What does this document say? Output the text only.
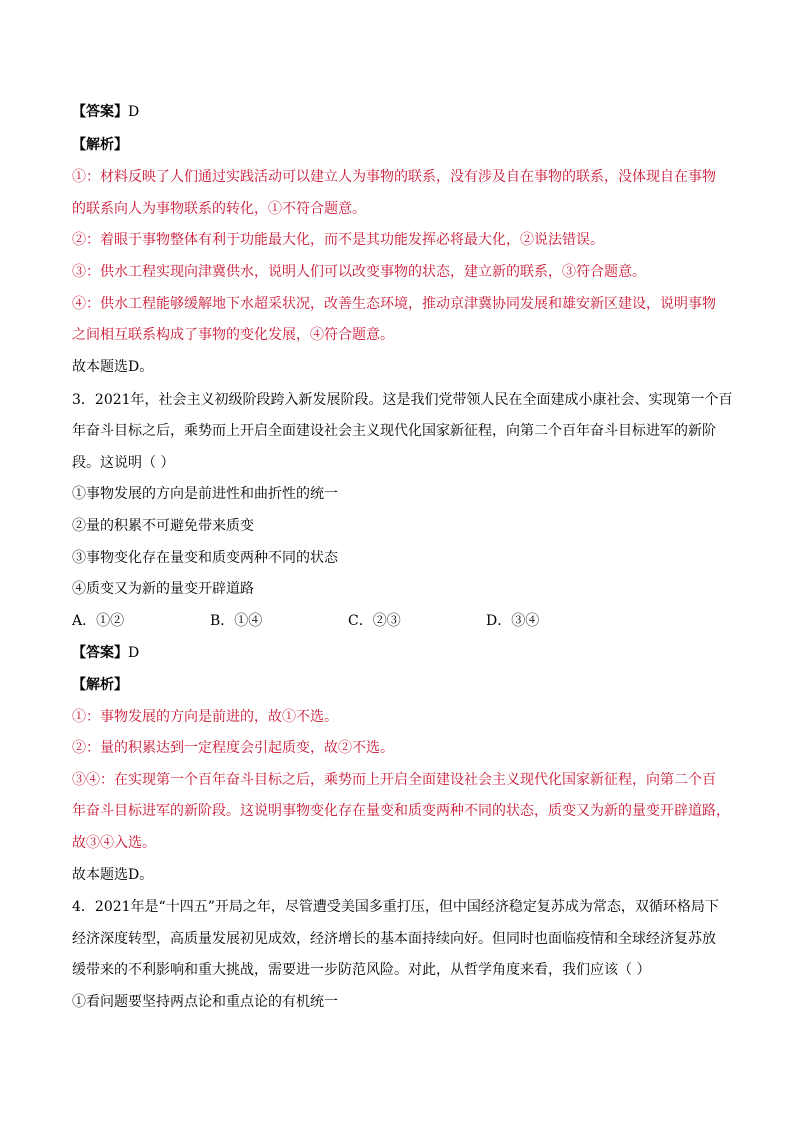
【答案】D
【解析】
①：材料反映了人们通过实践活动可以建立人为事物的联系，没有涉及自在事物的联系，没体现自在事物
的联系向人为事物联系的转化，①不符合题意。
②：着眼于事物整体有利于功能最大化，而不是其功能发挥必将最大化，②说法错误。
③：供水工程实现向津冀供水，说明人们可以改变事物的状态，建立新的联系，③符合题意。
④：供水工程能够缓解地下水超采状况，改善生态环境，推动京津冀协同发展和雄安新区建设，说明事物
之间相互联系构成了事物的变化发展，④符合题意。
故本题选D。
3．2021年，社会主义初级阶段跨入新发展阶段。这是我们党带领人民在全面建成小康社会、实现第一个百
年奋斗目标之后，乘势而上开启全面建设社会主义现代化国家新征程，向第二个百年奋斗目标进军的新阶
段。这说明（ ）
①事物发展的方向是前进性和曲折性的统一
②量的积累不可避免带来质变
③事物变化存在量变和质变两种不同的状态
④质变又为新的量变开辟道路
A．①②	B．①④	C．②③	D．③④
【答案】D
【解析】
①：事物发展的方向是前进的，故①不选。
②：量的积累达到一定程度会引起质变，故②不选。
③④：在实现第一个百年奋斗目标之后，乘势而上开启全面建设社会主义现代化国家新征程，向第二个百
年奋斗目标进军的新阶段。这说明事物变化存在量变和质变两种不同的状态，质变又为新的量变开辟道路，
故③④入选。
故本题选D。
4．2021年是“十四五”开局之年，尽管遭受美国多重打压，但中国经济稳定复苏成为常态，双循环格局下
经济深度转型，高质量发展初见成效，经济增长的基本面持续向好。但同时也面临疫情和全球经济复苏放
缓带来的不利影响和重大挑战，需要进一步防范风险。对此，从哲学角度来看，我们应该（ ）
①看问题要坚持两点论和重点论的有机统一
